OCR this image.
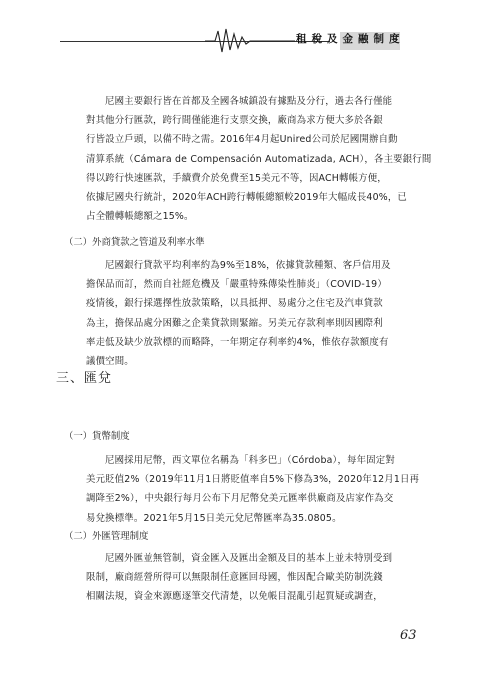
租稅及金融制度
尼國主要銀行皆在首都及全國各城鎮設有據點及分行，過去各行僅能
對其他分行匯款，跨行間僅能進行支票交換，廠商為求方便大多於各銀
行皆設立戶頭，以備不時之需。2016年4月起Unired公司於尼國開辦自動
清算系統（Cámara de Compensación Automatizada, ACH），各主要銀行間
得以跨行快速匯款，手續費介於免費至15美元不等，因ACH轉帳方便，
依據尼國央行統計，2020年ACH跨行轉帳總額較2019年大幅成長40%，已
占全體轉帳總額之15%。
（二）外商貸款之管道及利率水準
尼國銀行貸款平均利率約為9%至18%，依據貸款種類、客戶信用及
擔保品而訂，然而自社經危機及「嚴重特殊傳染性肺炎」（COVID-19）
疫情後，銀行採選擇性放款策略，以具抵押、易處分之住宅及汽車貸款
為主，擔保品處分困難之企業貸款則緊縮。另美元存款利率則因國際利
率走低及缺少放款標的而略降，一年期定存利率約4%，惟依存款額度有
議價空間。
三、匯兌
（一）貨幣制度
尼國採用尼幣，西文單位名稱為「科多巴」（Córdoba），每年固定對
美元貶值2%（2019年11月1日將貶值率自5%下修為3%，2020年12月1日再
調降至2%），中央銀行每月公布下月尼幣兌美元匯率供廠商及店家作為交
易兌換標準。2021年5月15日美元兌尼幣匯率為35.0805。
（二）外匯管理制度
尼國外匯並無管制，資金匯入及匯出金額及目的基本上並未特別受到
限制，廠商經營所得可以無限制任意匯回母國，惟因配合歐美防制洗錢
相關法規，資金來源應逐筆交代清楚，以免帳目混亂引起質疑或調查，
63
